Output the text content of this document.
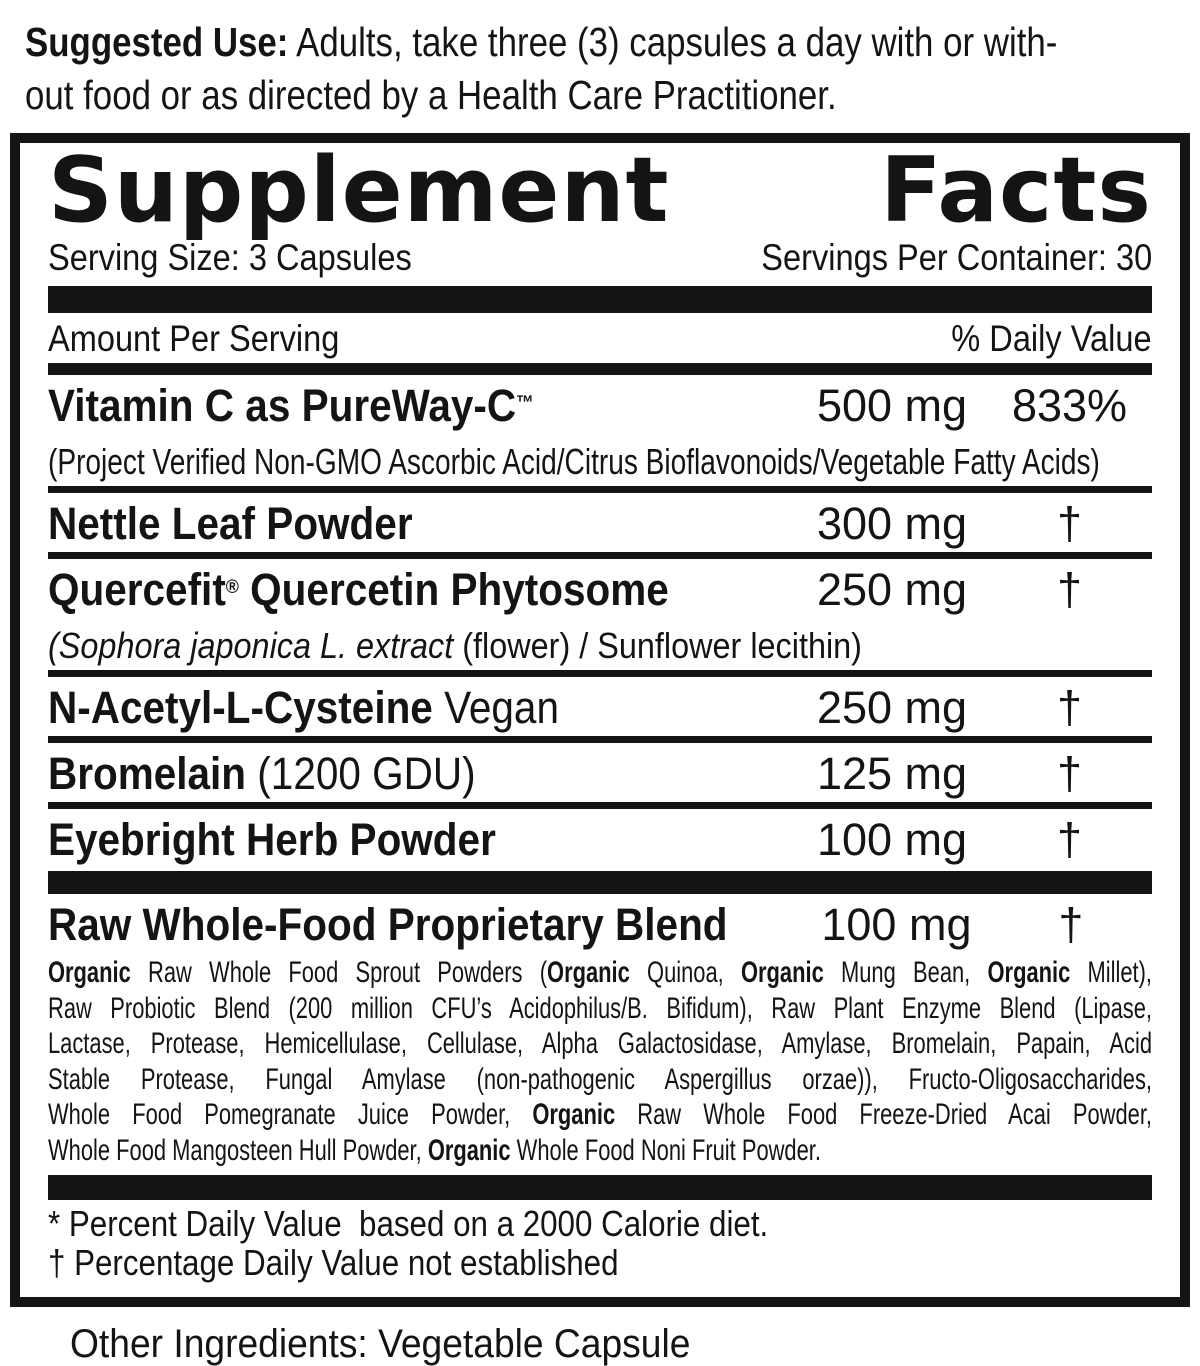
Suggested Use: Adults, take three (3) capsules a day with or with-
out food or as directed by a Health Care Practitioner.
Supplement Facts
Serving Size: 3 Capsules	Servings Per Container: 30
Amount Per Serving	% Daily Value
Vitamin C as PureWay-C™	500 mg 833%
(Project Verified Non-GMO Ascorbic Acid/Citrus Bioflavonoids/Vegetable Fatty Acids)
Nettle Leaf Powder	300 mg	†
Quercefit® Quercetin Phytosome	250 mg	†
(Sophora japonica L. extract (flower) / Sunflower lecithin)
N-Acetyl-L-Cysteine Vegan	250 mg	†
Bromelain (1200 GDU)	125 mg	†
Eyebright Herb Powder	100 mg	†
Raw Whole-Food Proprietary Blend	100 mg	†
Organic Raw Whole Food Sprout Powders (Organic Quinoa, Organic Mung Bean, Organic Millet),
Raw Probiotic Blend (200 million CFU’s Acidophilus/B. Bifidum), Raw Plant Enzyme Blend (Lipase,
Lactase, Protease, Hemicellulase, Cellulase, Alpha Galactosidase, Amylase, Bromelain, Papain, Acid
Stable Protease, Fungal Amylase (non-pathogenic Aspergillus orzae)), Fructo-Oligosaccharides,
Whole Food Pomegranate Juice Powder, Organic Raw Whole Food Freeze-Dried Acai Powder,
Whole Food Mangosteen Hull Powder, Organic Whole Food Noni Fruit Powder.
* Percent Daily Value  based on a 2000 Calorie diet.
† Percentage Daily Value not established
Other Ingredients: Vegetable Capsule
